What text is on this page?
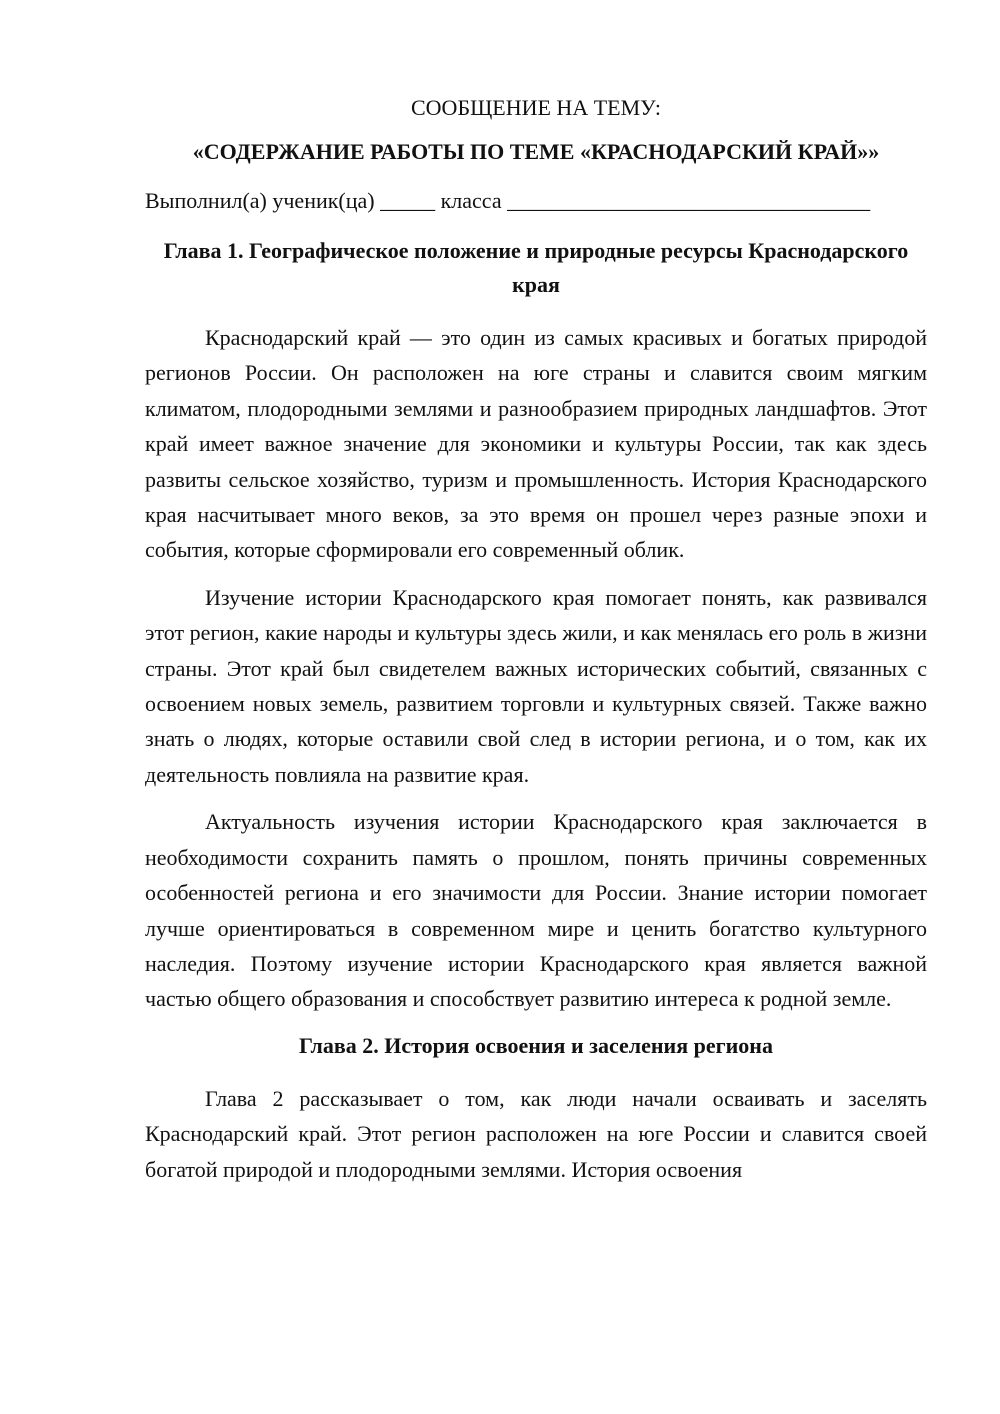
СООБЩЕНИЕ НА ТЕМУ:

«СОДЕРЖАНИЕ РАБОТЫ ПО ТЕМЕ «КРАСНОДАРСКИЙ КРАЙ»»

Выполнил(а) ученик(ца) _____ класса _________________________________

Глава 1. Географическое положение и природные ресурсы Краснодарского края

Краснодарский край — это один из самых красивых и богатых природой регионов России. Он расположен на юге страны и славится своим мягким климатом, плодородными землями и разнообразием природных ландшафтов. Этот край имеет важное значение для экономики и культуры России, так как здесь развиты сельское хозяйство, туризм и промышленность. История Краснодарского края насчитывает много веков, за это время он прошел через разные эпохи и события, которые сформировали его современный облик.

Изучение истории Краснодарского края помогает понять, как развивался этот регион, какие народы и культуры здесь жили, и как менялась его роль в жизни страны. Этот край был свидетелем важных исторических событий, связанных с освоением новых земель, развитием торговли и культурных связей. Также важно знать о людях, которые оставили свой след в истории региона, и о том, как их деятельность повлияла на развитие края.

Актуальность изучения истории Краснодарского края заключается в необходимости сохранить память о прошлом, понять причины современных особенностей региона и его значимости для России. Знание истории помогает лучше ориентироваться в современном мире и ценить богатство культурного наследия. Поэтому изучение истории Краснодарского края является важной частью общего образования и способствует развитию интереса к родной земле.

Глава 2. История освоения и заселения региона

Глава 2 рассказывает о том, как люди начали осваивать и заселять Краснодарский край. Этот регион расположен на юге России и славится своей богатой природой и плодородными землями. История освоения
